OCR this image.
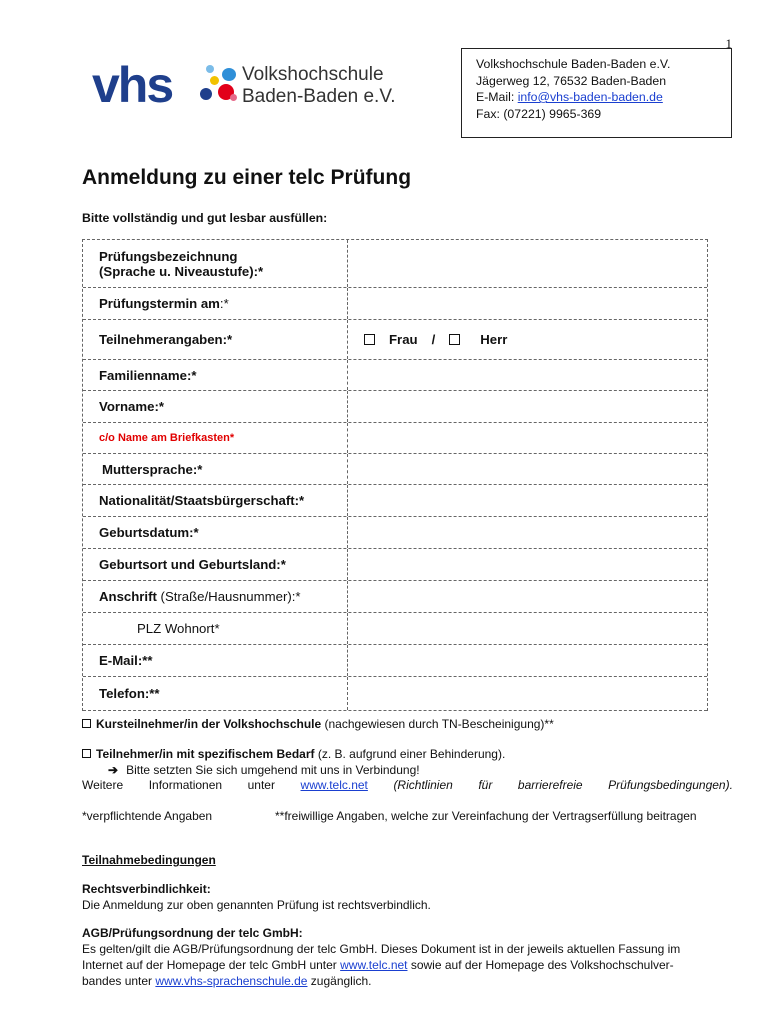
1
vhs	Volkshochschule
Baden-Baden e.V.
Volkshochschule Baden-Baden e.V.
Jägerweg 12, 76532 Baden-Baden
E-Mail: info@vhs-baden-baden.de
Fax: (07221) 9965-369
Anmeldung zu einer telc Prüfung
Bitte vollständig und gut lesbar ausfüllen:
Prüfungsbezeichnung
(Sprache u. Niveaustufe):*
Prüfungstermin am:*
Teilnehmerangaben:*	Frau /	Herr
Familienname:*
Vorname:*
c/o Name am Briefkasten*
Muttersprache:*
Nationalität/Staatsbürgerschaft:*
Geburtsdatum:*
Geburtsort und Geburtsland:*
Anschrift (Straße/Hausnummer):*
PLZ Wohnort*
E-Mail:**
Telefon:**
Kursteilnehmer/in der Volkshochschule (nachgewiesen durch TN-Bescheinigung)**
Teilnehmer/in mit spezifischem Bedarf (z. B. aufgrund einer Behinderung).
➔ Bitte setzten Sie sich umgehend mit uns in Verbindung!
Weitere Informationen unter www.telc.net (Richtlinien für barrierefreie Prüfungsbedingungen).
*verpflichtende Angaben	**freiwillige Angaben, welche zur Vereinfachung der Vertragserfüllung beitragen
Teilnahmebedingungen
Rechtsverbindlichkeit:
Die Anmeldung zur oben genannten Prüfung ist rechtsverbindlich.
AGB/Prüfungsordnung der telc GmbH:
Es gelten/gilt die AGB/Prüfungsordnung der telc GmbH. Dieses Dokument ist in der jeweils aktuellen Fassung im
Internet auf der Homepage der telc GmbH unter www.telc.net sowie auf der Homepage des Volkshochschulver-
bandes unter www.vhs-sprachenschule.de zugänglich.
